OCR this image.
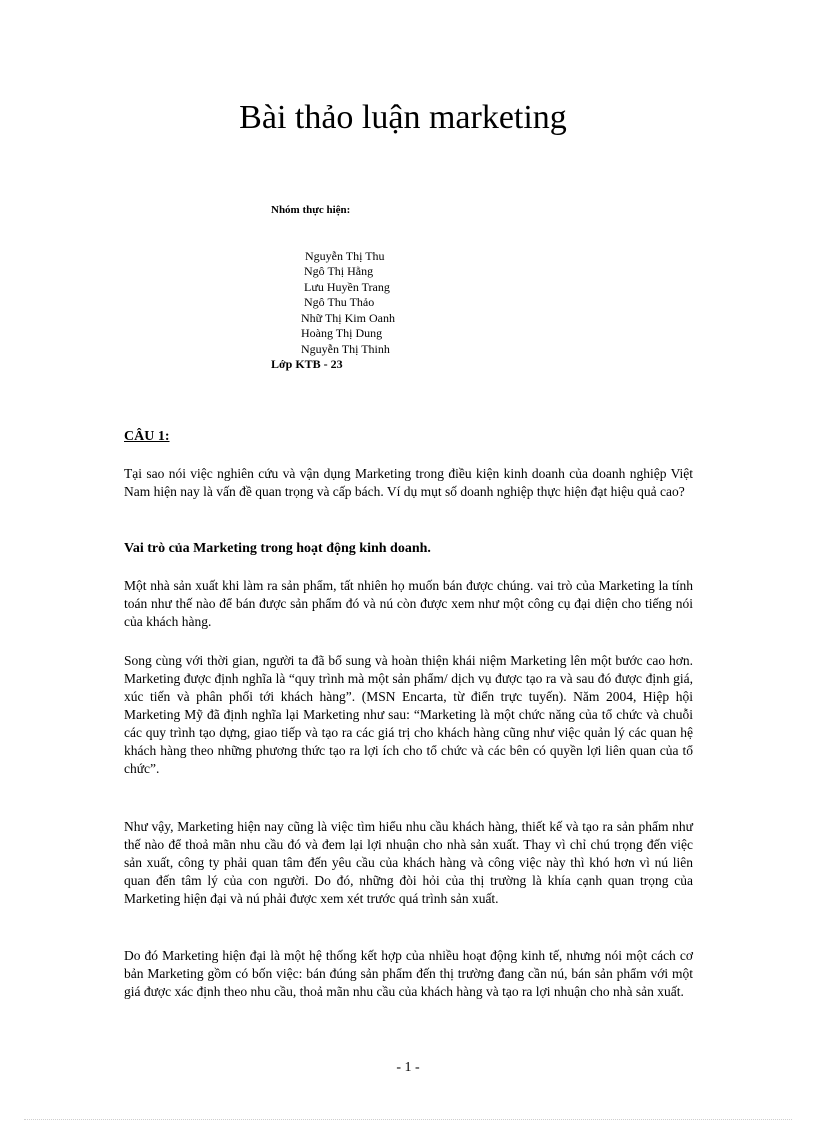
Bài thảo luận marketing
Nhóm thực hiện:
Nguyễn Thị Thu
Ngô Thị Hằng
Lưu Huyền Trang
Ngô Thu Thảo
Nhữ Thị Kim Oanh
Hoàng Thị Dung
Nguyễn Thị Thinh
Lớp KTB - 23
CÂU 1:

Tại sao nói việc nghiên cứu và vận dụng Marketing trong điều kiện kinh doanh của doanh nghiệp Việt Nam hiện nay là vấn đề quan trọng và cấp bách. Ví dụ mụt số doanh nghiệp thực hiện đạt hiệu quả cao?

Vai trò của Marketing trong hoạt động kinh doanh.

Một nhà sản xuất khi làm ra sản phẩm, tất nhiên họ muốn bán được chúng. vai trò của Marketing la tính toán như thế nào để bán được sản phẩm đó và nú còn được xem như một công cụ đại diện cho tiếng nói của khách hàng.

Song cùng với thời gian, người ta đã bổ sung và hoàn thiện khái niệm Marketing lên một bước cao hơn. Marketing được định nghĩa là “quy trình mà một sản phẩm/ dịch vụ được tạo ra và sau đó được định giá, xúc tiến và phân phối tới khách hàng”. (MSN Encarta, từ điển trực tuyến). Năm 2004, Hiệp hội Marketing Mỹ đã định nghĩa lại Marketing như sau: “Marketing là một chức năng của tổ chức và chuỗi các quy trình tạo dựng, giao tiếp và tạo ra các giá trị cho khách hàng cũng như việc quản lý các quan hệ khách hàng theo những phương thức tạo ra lợi ích cho tổ chức và các bên có quyền lợi liên quan của tổ chức”.

Như vậy, Marketing hiện nay cũng là việc tìm hiểu nhu cầu khách hàng, thiết kế và tạo ra sản phẩm như thế nào để thoả mãn nhu cầu đó và đem lại lợi nhuận cho nhà sản xuất. Thay vì chỉ chú trọng đến việc sản xuất, công ty phải quan tâm đến yêu cầu của khách hàng và công việc này thì khó hơn vì nú liên quan đến tâm lý của con người. Do đó, những đòi hỏi của thị trường là khía cạnh quan trọng của Marketing hiện đại và nú phải được xem xét trước quá trình sản xuất.

Do đó Marketing hiện đại là một hệ thống kết hợp của nhiều hoạt động kinh tế, nhưng nói một cách cơ bản Marketing gồm có bốn việc: bán đúng sản phẩm đến thị trường đang cần nú, bán sản phẩm với một giá được xác định theo nhu cầu, thoả mãn nhu cầu của khách hàng và tạo ra lợi nhuận cho nhà sản xuất.

- 1 -
